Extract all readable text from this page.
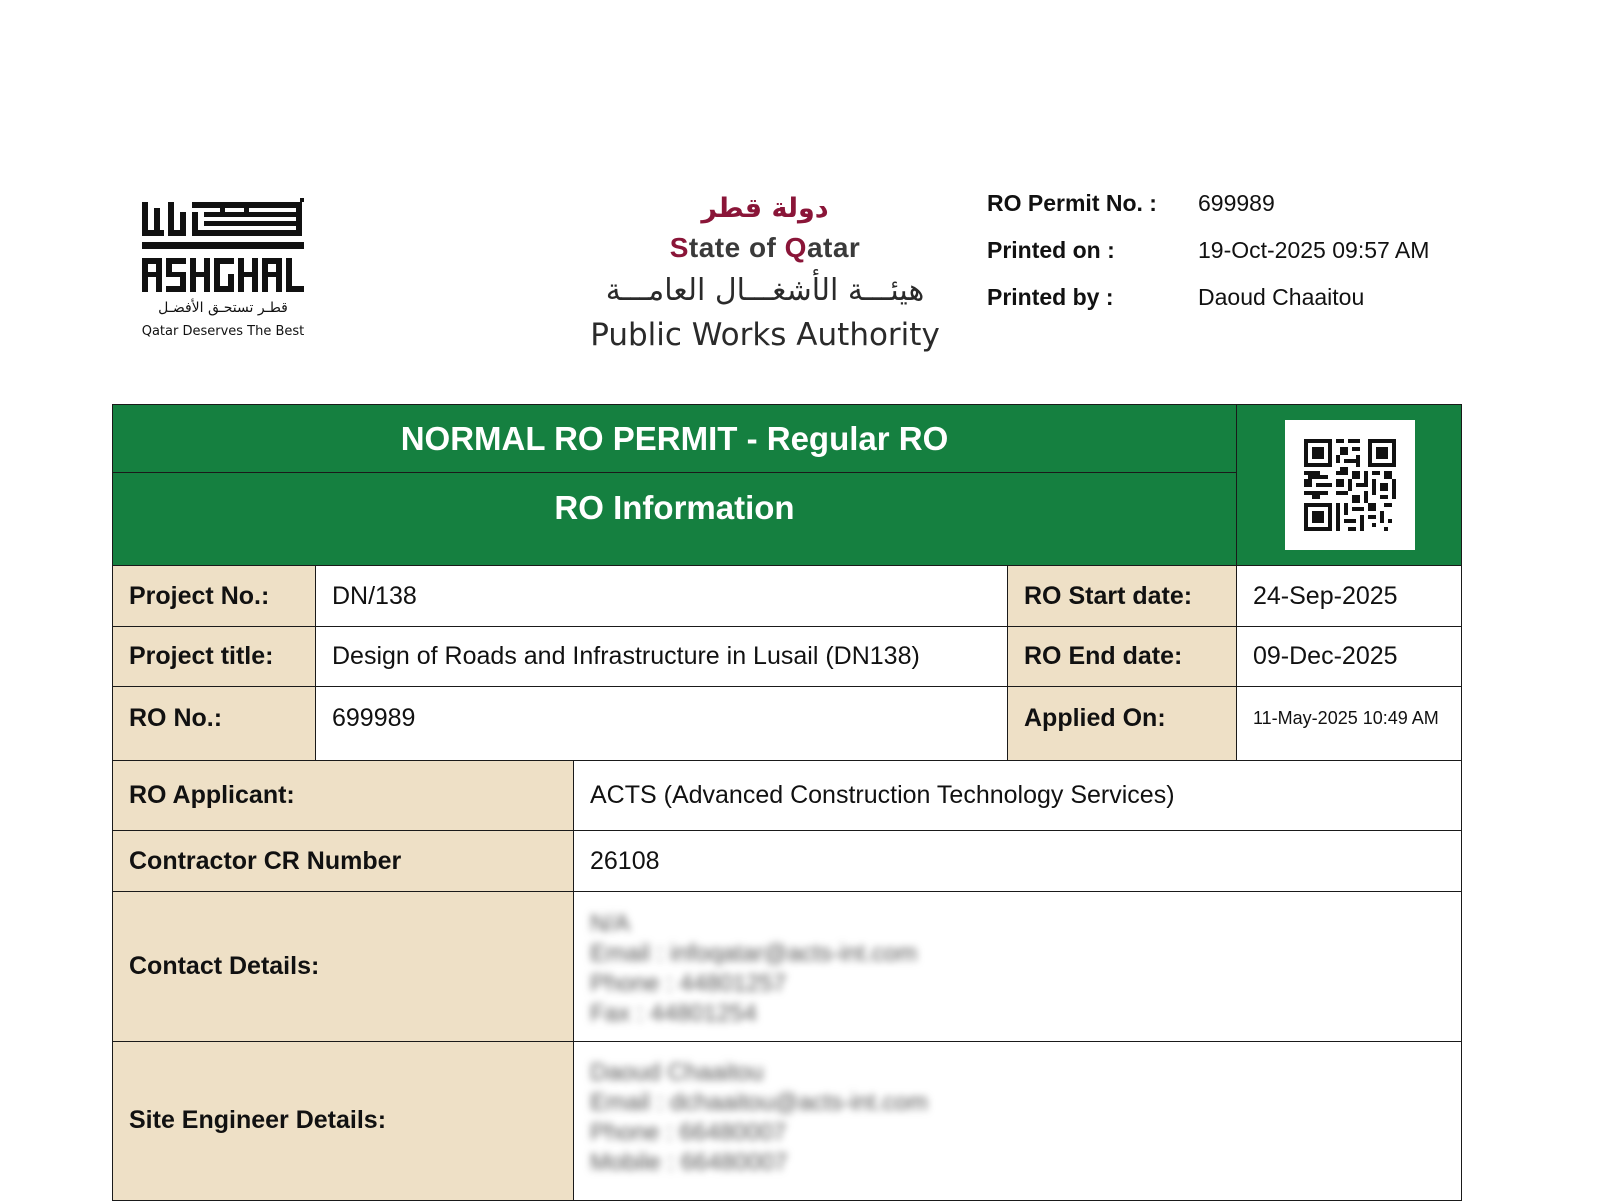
قطـر تستحـق الأفضـل
Qatar Deserves The Best
دولة قطر
State of Qatar
هيئـــة الأشغـــال العامـــة
Public Works Authority
RO Permit No. :	699989
Printed on :	19-Oct-2025 09:57 AM
Printed by :	Daoud Chaaitou
NORMAL RO PERMIT - Regular RO
RO Information
Project No.:	DN/138	RO Start date:	24-Sep-2025
Project title:	Design of Roads and Infrastructure in Lusail (DN138)	RO End date:	09-Dec-2025
RO No.:	699989	Applied On:	11-May-2025 10:49 AM
RO Applicant:	ACTS (Advanced Construction Technology Services)
Contractor CR Number	26108
Contact Details:
N/A
Email : infoqatar@acts-int.com
Phone : 44801257
Fax : 44801254
Site Engineer Details:
Daoud Chaaitou
Email : dchaaitou@acts-int.com
Phone : 66480007
Mobile : 66480007
